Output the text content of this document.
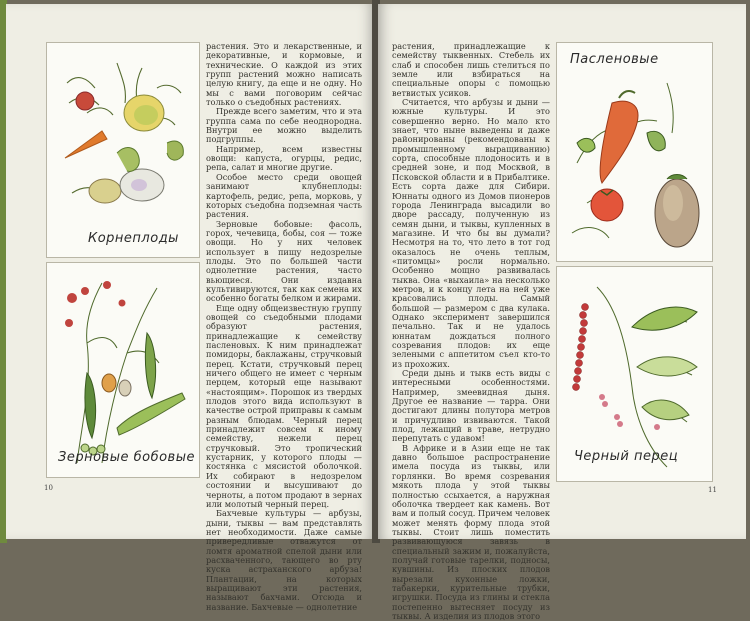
Корнеплоды
Зерновые бобовые

растения. Это и лекарственные, и декоративные, и кормовые, и технические. О каждой из этих групп растений можно написать целую книгу, да еще и не одну. Но мы с вами поговорим сейчас только о съедобных растениях.

Прежде всего заметим, что и эта группа сама по себе неоднородна. Внутри ее можно выделить подгруппы.

Например, всем известны овощи: капуста, огурцы, редис, репа, салат и многие другие.

Особое место среди овощей занимают клубнеплоды: картофель, редис, репа, морковь, у которых съедобна подземная часть растения.

Зерновые бобовые: фасоль, горох, чечевица, бобы, соя — тоже овощи. Но у них человек использует в пищу недозрелые плоды. Это по большей части однолетние растения, часто вьющиеся. Они издавна культивируются, так как семена их особенно богаты белком и жирами.

Еще одну общеизвестную группу овощей со съедобными плодами образуют растения, принадлежащие к семейству пасленовых. К ним принадлежат помидоры, баклажаны, стручковый перец. Кстати, стручковый перец ничего общего не имеет с черным перцем, который еще называют «настоящим». Порошок из твердых плодов этого вида используют в качестве острой приправы к самым разным блюдам. Черный перец принадлежит совсем к иному семейству, нежели перец стручковый. Это тропический кустарник, у которого плоды — костянка с мясистой оболочкой. Их собирают в недозрелом состоянии и высушивают до черноты, а потом продают в зернах или молотый черный перец.

Бахчевые культуры — арбузы, дыни, тыквы — вам представлять нет необходимости. Даже самые привередливые отважутся от ломтя ароматной спелой дыни или расхваченного, тающего во рту куска астраханского арбуза! Плантации, на которых выращивают эти растения, называют бахчами. Отсюда и название. Бахчевые — однолетние

10

растения, принадлежащие к семейству тыквенных. Стебель их слаб и способен лишь стелиться по земле или взбираться на специальные опоры с помощью ветвистых усиков.

Считается, что арбузы и дыни — южные культуры. И это совершенно верно. Но мало кто знает, что ныне выведены и даже районированы (рекомендованы к промышленному выращиванию) сорта, способные плодоносить и в средней зоне, и под Москвой, в Псковской области и в Прибалтике. Есть сорта даже для Сибири. Юннаты одного из Домов пионеров города Ленинграда высадили во дворе рассаду, полученную из семян дыни, и тыквы, купленных в магазине. И что бы вы думали? Несмотря на то, что лето в тот год оказалось не очень теплым, «питомцы» росли нормально. Особенно мощно развивалась тыква. Она «выхаила» на несколько метров, и к концу лета на ней уже красовались плоды. Самый большой — размером с два кулака. Однако эксперимент завершился печально. Так и не удалось юннатам дождаться полного созревания плодов: их еще зелеными с аппетитом съел кто-то из прохожих.

Среди дынь и тыкв есть виды с интересными особенностями. Например, змеевидная дыня. Другое ее название — тарра. Они достигают длины полутора метров и причудливо извиваются. Такой плод, лежащий в траве, нетрудно перепутать с удавом!

В Африке и в Азии еще не так давно большое распространение имела посуда из тыквы, или горлянки. Во время созревания мякоть плода у этой тыквы полностью ссыхается, а наружная оболочка твердеет как камень. Вот вам и полый сосуд. Причем человек может менять форму плода этой тыквы. Стоит лишь поместить развивающуюся завязь в специальный зажим и, пожалуйста, получай готовые тарелки, подносы, кувшины. Из плоских плодов вырезали кухонные ложки, табакерки, курительные трубки, игрушки. Посуда из глины и стекла постепенно вытесняет посуду из тыквы. А изделия из плодов этого

Пасленовые
Черный перец
11
